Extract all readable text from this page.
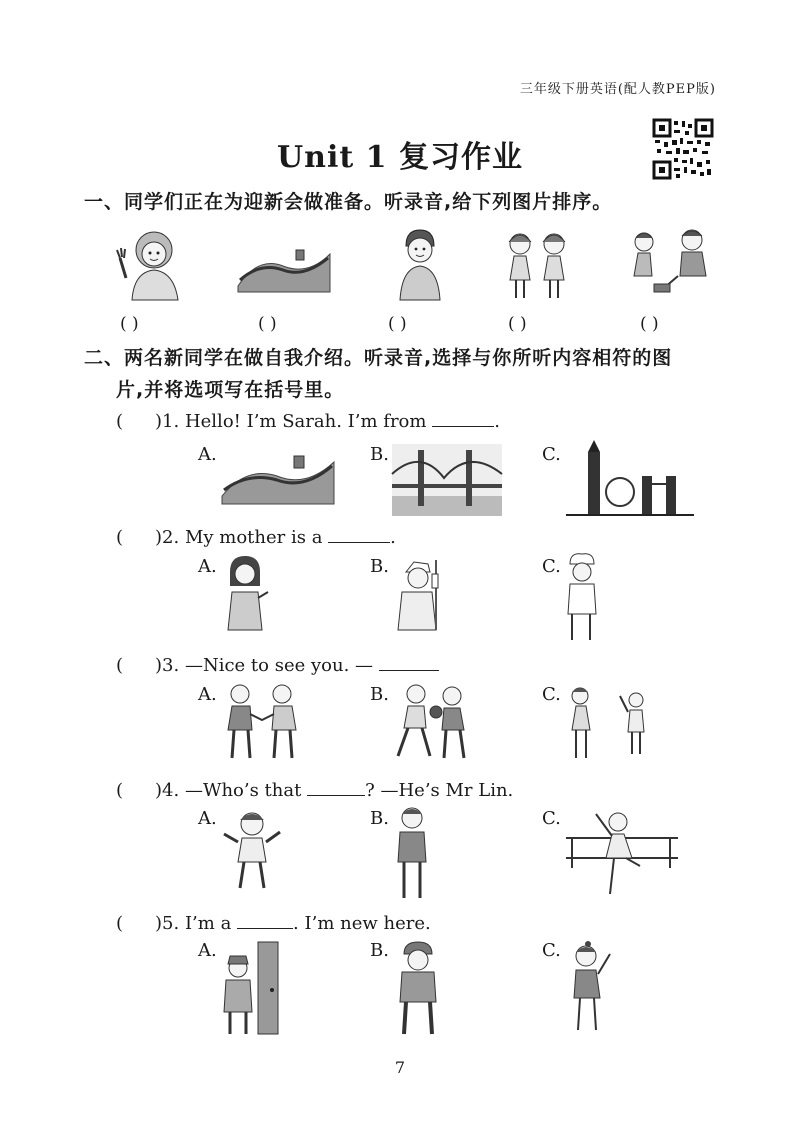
三年级下册英语(配人教PEP版)
Unit 1 复习作业
一、同学们正在为迎新会做准备。听录音,给下列图片排序。
( )	( )	( )	( )	( )
二、两名新同学在做自我介绍。听录音,选择与你所听内容相符的图
片,并将选项写在括号里。
( )1. Hello! I’m Sarah. I’m from	.
A.	B.	C.
( )2. My mother is a	.
A.	B.	C.
( )3. —Nice to see you. —
A.	B.	C.
( )4. —Who’s that	? —He’s Mr Lin.
A.	B.	C.
( )5. I’m a	. I’m new here.
A.	B.	C.
7
